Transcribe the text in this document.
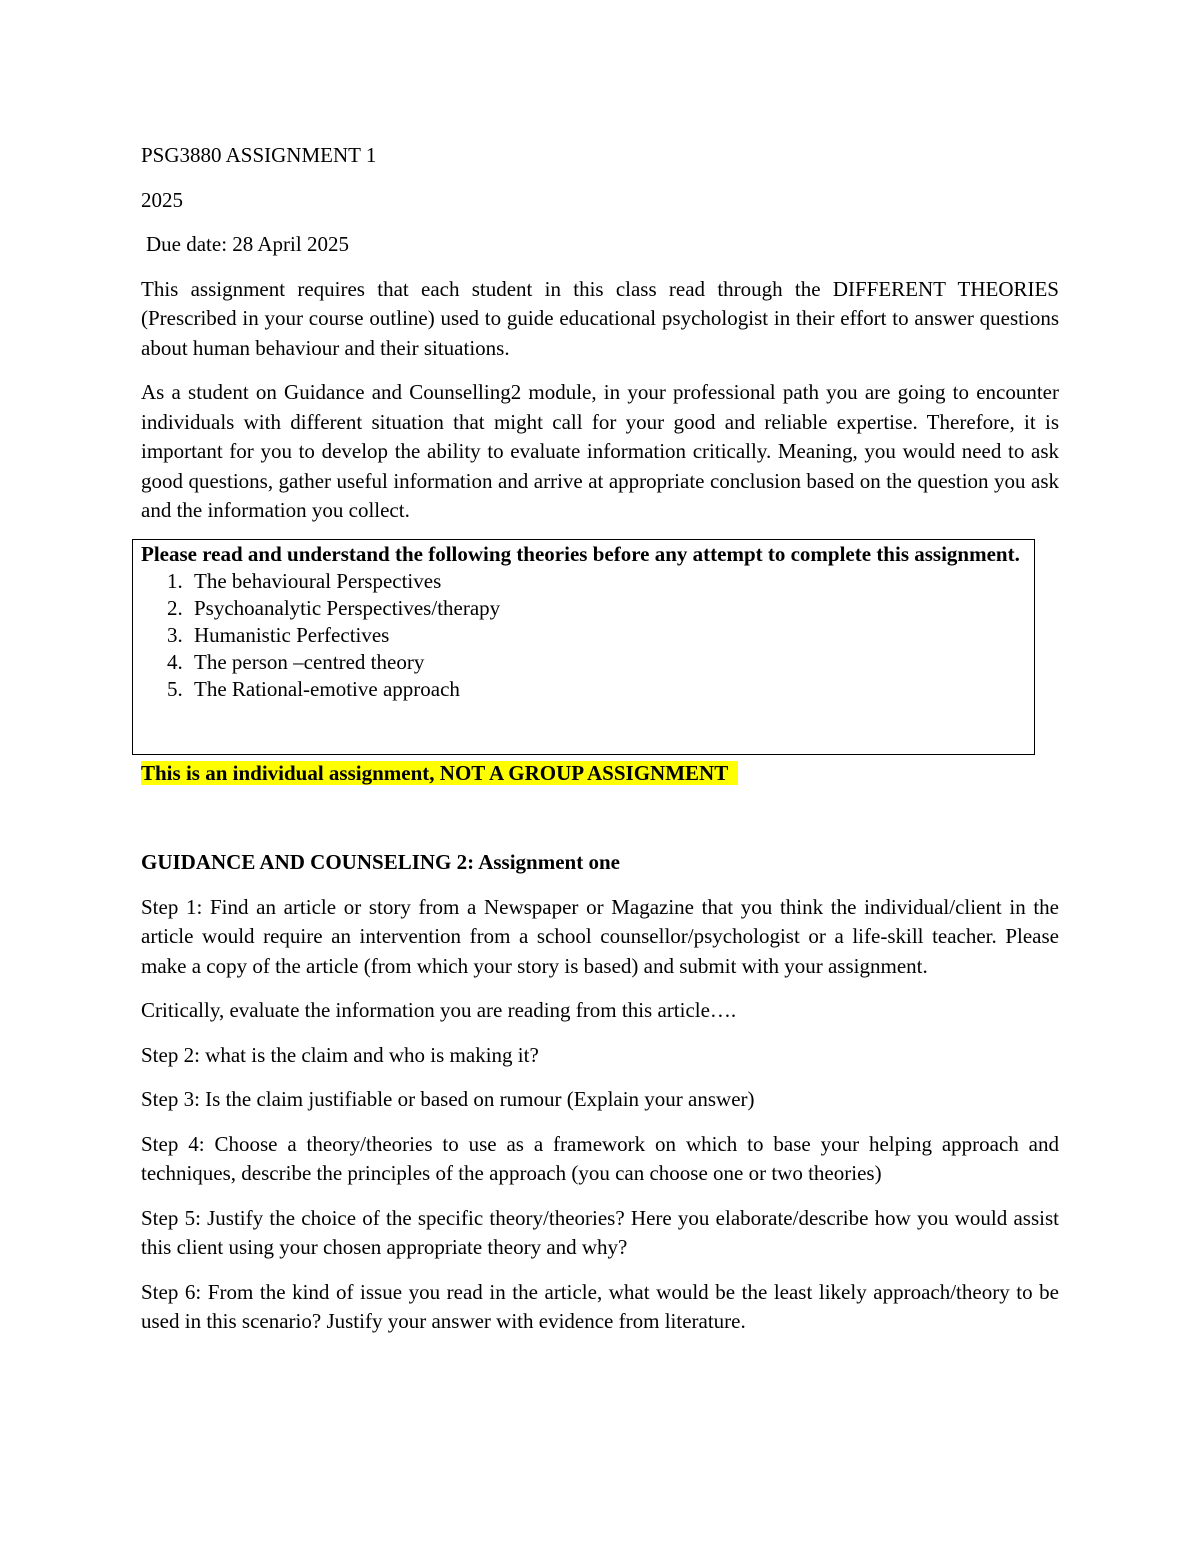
PSG3880 ASSIGNMENT 1

2025

Due date: 28 April 2025

This assignment requires that each student in this class read through the DIFFERENT THEORIES (Prescribed in your course outline) used to guide educational psychologist in their effort to answer questions about human behaviour and their situations.

As a student on Guidance and Counselling2 module, in your professional path you are going to encounter individuals with different situation that might call for your good and reliable expertise. Therefore, it is important for you to develop the ability to evaluate information critically. Meaning, you would need to ask good questions, gather useful information and arrive at appropriate conclusion based on the question you ask and the information you collect.

Please read and understand the following theories before any attempt to complete this assignment.

1. The behavioural Perspectives
2. Psychoanalytic Perspectives/therapy
3. Humanistic Perfectives
4. The person –centred theory
5. The Rational-emotive approach

This is an individual assignment, NOT A GROUP ASSIGNMENT

GUIDANCE AND COUNSELING 2: Assignment one

Step 1: Find an article or story from a Newspaper or Magazine that you think the individual/client in the article would require an intervention from a school counsellor/psychologist or a life-skill teacher. Please make a copy of the article (from which your story is based) and submit with your assignment.

Critically, evaluate the information you are reading from this article….

Step 2: what is the claim and who is making it?

Step 3: Is the claim justifiable or based on rumour (Explain your answer)

Step 4: Choose a theory/theories to use as a framework on which to base your helping approach and techniques, describe the principles of the approach (you can choose one or two theories)

Step 5: Justify the choice of the specific theory/theories? Here you elaborate/describe how you would assist this client using your chosen appropriate theory and why?

Step 6: From the kind of issue you read in the article, what would be the least likely approach/theory to be used in this scenario? Justify your answer with evidence from literature.
